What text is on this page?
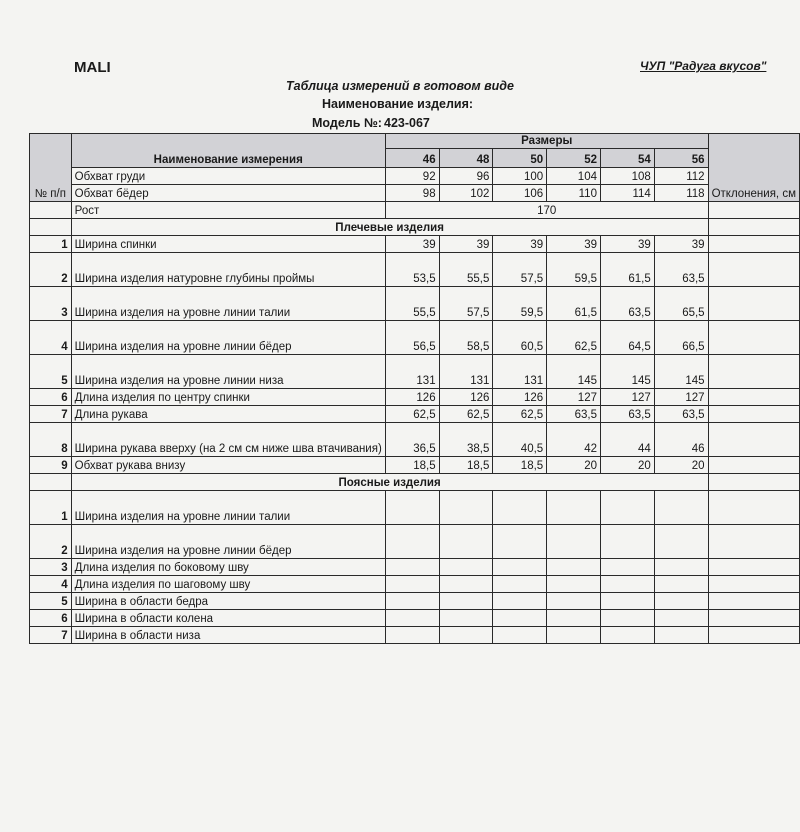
MALI	ЧУП "Радуга вкусов"
Таблица измерений в готовом виде
Наименование изделия:
Модель №: 423-067
№ п/п	Наименование измерения	Размеры						Отклонения, см
		46	48	50	52	54	56	
	Обхват груди	92	96	100	104	108	112	
	Обхват бёдер	98	102	106	110	114	118	
	Рост	170						
	Плечевые изделия							
1	Ширина спинки	39	39	39	39	39	39	
2	Ширина изделия натуровне глубины проймы	53,5	55,5	57,5	59,5	61,5	63,5	
3	Ширина изделия на уровне линии талии	55,5	57,5	59,5	61,5	63,5	65,5	
4	Ширина изделия на уровне линии бёдер	56,5	58,5	60,5	62,5	64,5	66,5	
5	Ширина изделия на уровне линии низа	131	131	131	145	145	145	
6	Длина изделия по центру спинки	126	126	126	127	127	127	
7	Длина рукава	62,5	62,5	62,5	63,5	63,5	63,5	
8	Ширина рукава вверху (на 2 см см ниже шва втачивания)	36,5	38,5	40,5	42	44	46	
9	Обхват рукава внизу	18,5	18,5	18,5	20	20	20	
	Поясные изделия							
1	Ширина изделия на уровне линии талии							
2	Ширина изделия на уровне линии бёдер							
3	Длина изделия по боковому шву							
4	Длина изделия по шаговому шву							
5	Ширина в области бедра							
6	Ширина в области колена							
7	Ширина в области низа							
